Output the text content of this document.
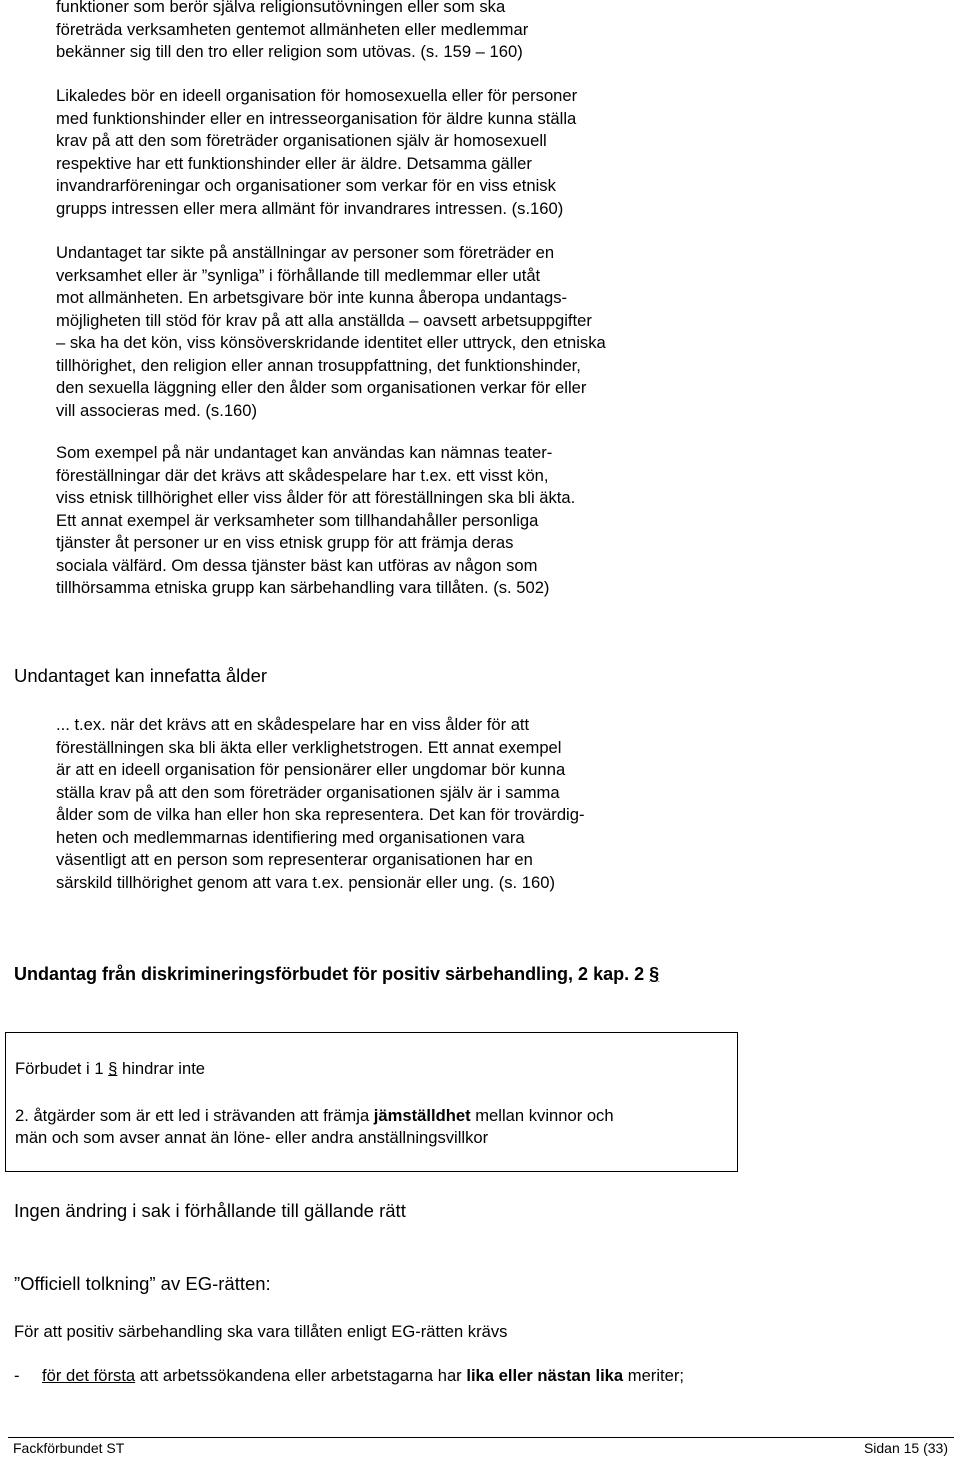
funktioner som berör själva religionsutövningen eller som ska

företräda verksamheten gentemot allmänheten eller medlemmar

bekänner sig till den tro eller religion som utövas. (s. 159 – 160)

Likaledes bör en ideell organisation för homosexuella eller för personer

med funktionshinder eller en intresseorganisation för äldre kunna ställa

krav på att den som företräder organisationen själv är homosexuell

respektive har ett funktionshinder eller är äldre. Detsamma gäller

invandrarföreningar och organisationer som verkar för en viss etnisk

grupps intressen eller mera allmänt för invandrares intressen. (s.160)

Undantaget tar sikte på anställningar av personer som företräder en

verksamhet eller är ”synliga” i förhållande till medlemmar eller utåt

mot allmänheten. En arbetsgivare bör inte kunna åberopa undantags-

möjligheten till stöd för krav på att alla anställda – oavsett arbetsuppgifter

– ska ha det kön, viss könsöverskridande identitet eller uttryck, den etniska

tillhörighet, den religion eller annan trosuppfattning, det funktionshinder,

den sexuella läggning eller den ålder som organisationen verkar för eller

vill associeras med. (s.160)

Som exempel på när undantaget kan användas kan nämnas teater-

föreställningar där det krävs att skådespelare har t.ex. ett visst kön,

viss etnisk tillhörighet eller viss ålder för att föreställningen ska bli äkta.

Ett annat exempel är verksamheter som tillhandahåller personliga

tjänster åt personer ur en viss etnisk grupp för att främja deras

sociala välfärd. Om dessa tjänster bäst kan utföras av någon som

tillhörsamma etniska grupp kan särbehandling vara tillåten. (s. 502)

Undantaget kan innefatta ålder

... t.ex. när det krävs att en skådespelare har en viss ålder för att

föreställningen ska bli äkta eller verklighetstrogen. Ett annat exempel

är att en ideell organisation för pensionärer eller ungdomar bör kunna

ställa krav på att den som företräder organisationen själv är i samma

ålder som de vilka han eller hon ska representera. Det kan för trovärdig-

heten och medlemmarnas identifiering med organisationen vara

väsentligt att en person som representerar organisationen har en

särskild tillhörighet genom att vara t.ex. pensionär eller ung. (s. 160)

Undantag från diskrimineringsförbudet för positiv särbehandling, 2 kap. 2 §

Förbudet i 1 § hindrar inte

2. åtgärder som är ett led i strävanden att främja jämställdhet mellan kvinnor och

män och som avser annat än löne- eller andra anställningsvillkor

Ingen ändring i sak i förhållande till gällande rätt

”Officiell tolkning” av EG-rätten:

För att positiv särbehandling ska vara tillåten enligt EG-rätten krävs

- för det första att arbetssökandena eller arbetstagarna har lika eller nästan lika meriter;

Fackförbundet ST	Sidan 15 (33)
